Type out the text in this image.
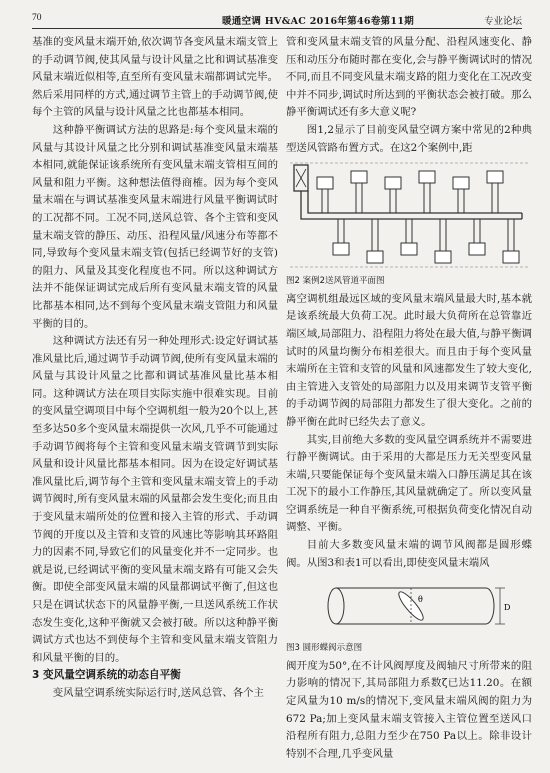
70	暖通空调 HV&AC 2016年第46卷第11期	专业论坛

基准的变风量末端开始,依次调节各变风量末端支管上的手动调节阀,使其风量与设计风量之比和调试基准变风量末端近似相等,直至所有变风量末端都调试完毕。然后采用同样的方式,通过调节主管上的手动调节阀,使每个主管的风量与设计风量之比也都基本相同。

这种静平衡调试方法的思路是:每个变风量末端的风量与其设计风量之比分别和调试基准变风量末端基本相同,就能保证该系统所有变风量末端支管相互间的风量和阻力平衡。这种想法值得商榷。因为每个变风量末端在与调试基准变风量末端进行风量平衡调试时的工况都不同。工况不同,送风总管、各个主管和变风量末端支管的静压、动压、沿程风量/风速分布等都不同,导致每个变风量末端支管(包括已经调节好的支管)的阻力、风量及其变化程度也不同。所以这种调试方法并不能保证调试完成后所有变风量末端支管的风量比都基本相同,达不到每个变风量末端支管阻力和风量平衡的目的。

这种调试方法还有另一种处理形式:设定好调试基准风量比后,通过调节手动调节阀,使所有变风量末端的风量与其设计风量之比都和调试基准风量比基本相同。这种调试方法在项目实际实施中很难实现。目前的变风量空调项目中每个空调机组一般为20个以上,甚至多达50多个变风量末端提供一次风,几乎不可能通过手动调节阀将每个主管和变风量末端支管调节到实际风量和设计风量比都基本相同。因为在设定好调试基准风量比后,调节每个主管和变风量末端支管上的手动调节阀时,所有变风量末端的风量都会发生变化;而且由于变风量末端所处的位置和接入主管的形式、手动调节阀的开度以及主管和支管的风速比等影响其环路阻力的因素不同,导致它们的风量变化并不一定同步。也就是说,已经调试平衡的变风量末端支路有可能又会失衡。即使全部变风量末端的风量都调试平衡了,但这也只是在调试状态下的风量静平衡,一旦送风系统工作状态发生变化,这种平衡就又会被打破。所以这种静平衡调试方式也达不到使每个主管和变风量末端支管阻力和风量平衡的目的。

3 变风量空调系统的动态自平衡

变风量空调系统实际运行时,送风总管、各个主

管和变风量末端支管的风量分配、沿程风速变化、静压和动压分布随时都在变化,会与静平衡调试时的情况不同,而且不同变风量末端支路的阻力变化在工况改变中并不同步,调试时所达到的平衡状态会被打破。那么静平衡调试还有多大意义呢?

图1,2显示了目前变风量空调方案中常见的2种典型送风管路布置方式。在这2个案例中,距

图2 案例2送风管道平面图

离空调机组最远区域的变风量末端风量最大时,基本就是该系统最大负荷工况。此时最大负荷所在总管靠近端区域,局部阻力、沿程阻力将处在最大值,与静平衡调试时的风量均衡分布相差很大。而且由于每个变风量末端所在主管和支管的风量和风速都发生了较大变化,由主管进入支管处的局部阻力以及用来调节支管平衡的手动调节阀的局部阻力都发生了很大变化。之前的静平衡在此时已经失去了意义。

其实,目前绝大多数的变风量空调系统并不需要进行静平衡调试。由于采用的大都是压力无关型变风量末端,只要能保证每个变风量末端入口静压满足其在该工况下的最小工作静压,其风量就确定了。所以变风量空调系统是一种自平衡系统,可根据负荷变化情况自动调整、平衡。

目前大多数变风量末端的调节风阀都是圆形蝶阀。从图3和表1可以看出,即使变风量末端风

D
θ

图3 圆形蝶阀示意图

阀开度为50°,在不计风阀厚度及阀轴尺寸所带来的阻力影响的情况下,其局部阻力系数ζ已达11.20。在额定风量为10 m/s的情况下,变风量末端风阀的阻力为672 Pa;加上变风量末端支管接入主管位置至送风口沿程所有阻力,总阻力至少在750 Pa以上。除非设计特别不合理,几乎变风量
